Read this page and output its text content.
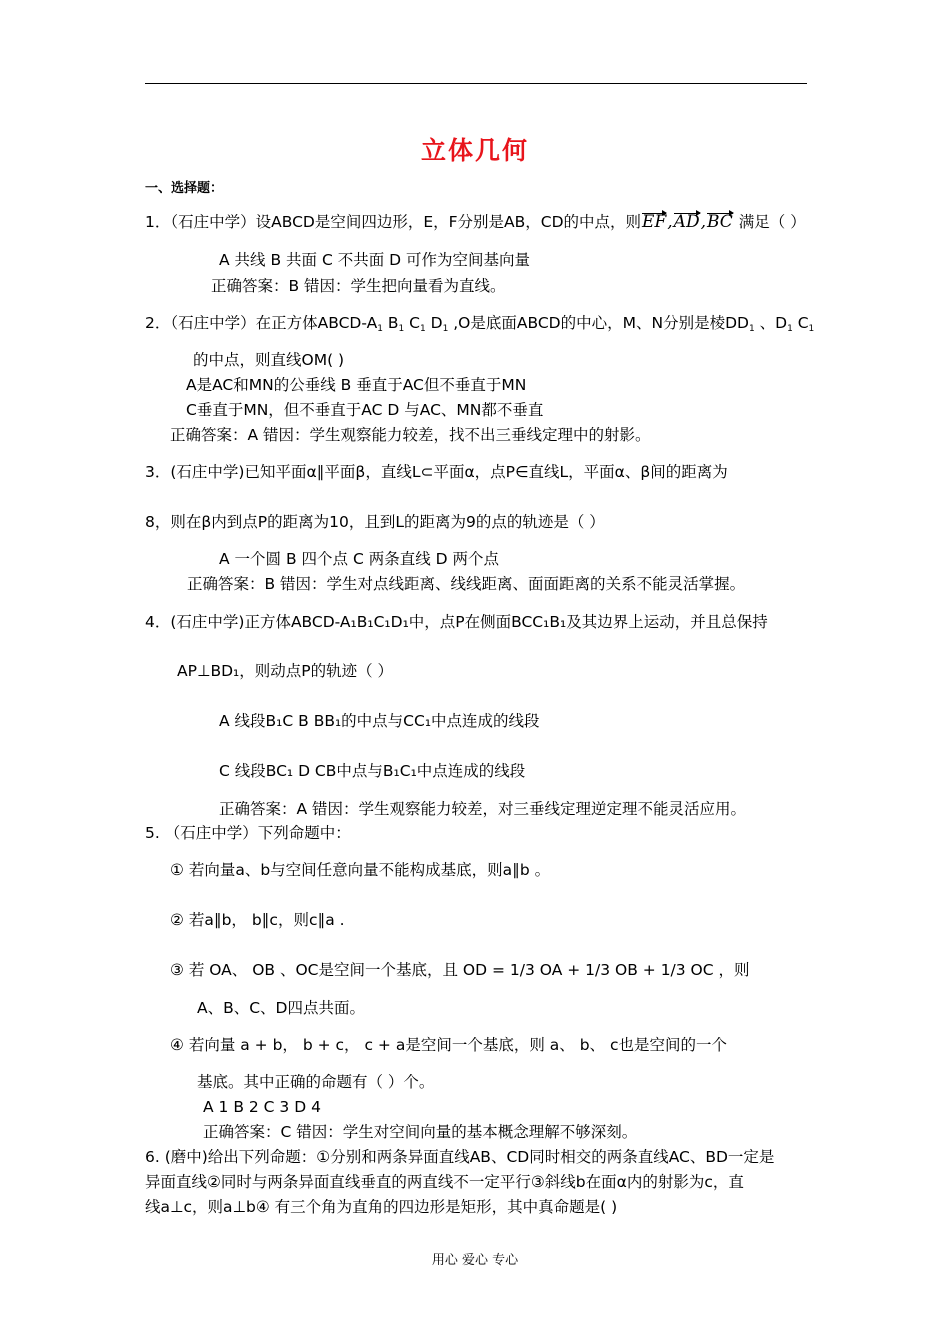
立体几何
一、选择题：
1．（石庄中学）设ABCD是空间四边形，E，F分别是AB，CD的中点，则EF,AD,BC 满足（ ）
A 共线 B 共面 C 不共面 D 可作为空间基向量
正确答案：B 错因：学生把向量看为直线。
2．（石庄中学）在正方体ABCD-$A_1$ $B_1$ $C_1$ $D_1$ ,O是底面ABCD的中心，M、N分别是棱$DD_1$ 、$D_1$ $C_1$
的中点，则直线OM( )
A是AC和MN的公垂线 B 垂直于AC但不垂直于MN
C垂直于MN，但不垂直于AC D 与AC、MN都不垂直
正确答案：A 错因：学生观察能力较差，找不出三垂线定理中的射影。
3．(石庄中学)已知平面α∥平面β，直线L⊂平面α，点P∈直线L，平面α、β间的距离为
8，则在β内到点P的距离为10，且到L的距离为9的点的轨迹是（ ）
A 一个圆 B 四个点 C 两条直线 D 两个点
正确答案：B 错因：学生对点线距离、线线距离、面面距离的关系不能灵活掌握。
4．(石庄中学)正方体ABCD-A₁B₁C₁D₁中，点P在侧面BCC₁B₁及其边界上运动，并且总保持
AP⊥BD₁，则动点P的轨迹（ ）
A 线段B₁C B BB₁的中点与CC₁中点连成的线段
C 线段BC₁ D CB中点与B₁C₁中点连成的线段
正确答案：A 错因：学生观察能力较差，对三垂线定理逆定理不能灵活应用。
5. （石庄中学）下列命题中：
① 若向量a、b与空间任意向量不能构成基底，则a∥b 。
② 若a∥b， b∥c，则c∥a .
③ 若 OA、 OB 、OC是空间一个基底，且 OD = 1/3 OA + 1/3 OB + 1/3 OC ，则
A、B、C、D四点共面。
④ 若向量 a + b， b + c， c + a是空间一个基底，则 a、 b、 c也是空间的一个
基底。其中正确的命题有（ ）个。
A 1 B 2 C 3 D 4
正确答案：C 错因：学生对空间向量的基本概念理解不够深刻。
6. (磨中)给出下列命题：①分别和两条异面直线AB、CD同时相交的两条直线AC、BD一定是
异面直线②同时与两条异面直线垂直的两直线不一定平行③斜线b在面α内的射影为c，直
线a⊥c，则a⊥b④ 有三个角为直角的四边形是矩形，其中真命题是( )
用心 爱心 专心
